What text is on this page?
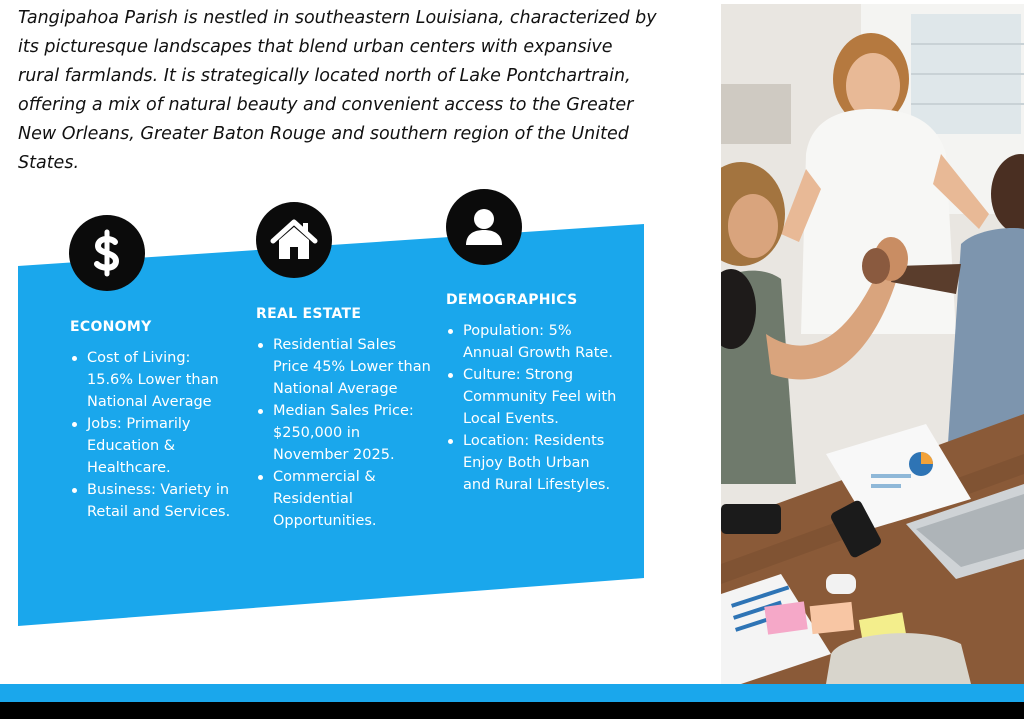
Tangipahoa Parish is nestled in southeastern Louisiana, characterized by its picturesque landscapes that blend urban centers with expansive rural farmlands. It is strategically located north of Lake Pontchartrain, offering a mix of natural beauty and convenient access to the Greater New Orleans, Greater Baton Rouge and southern region of the United States.

ECONOMY
Cost of Living: 15.6% Lower than National Average
Jobs: Primarily Education & Healthcare.
Business: Variety in Retail and Services.
REAL ESTATE
Residential Sales Price 45% Lower than National Average
Median Sales Price: $250,000 in November 2025.
Commercial & Residential Opportunities.
DEMOGRAPHICS
Population: 5% Annual Growth Rate.
Culture: Strong Community Feel with Local Events.
Location: Residents Enjoy Both Urban and Rural Lifestyles.
